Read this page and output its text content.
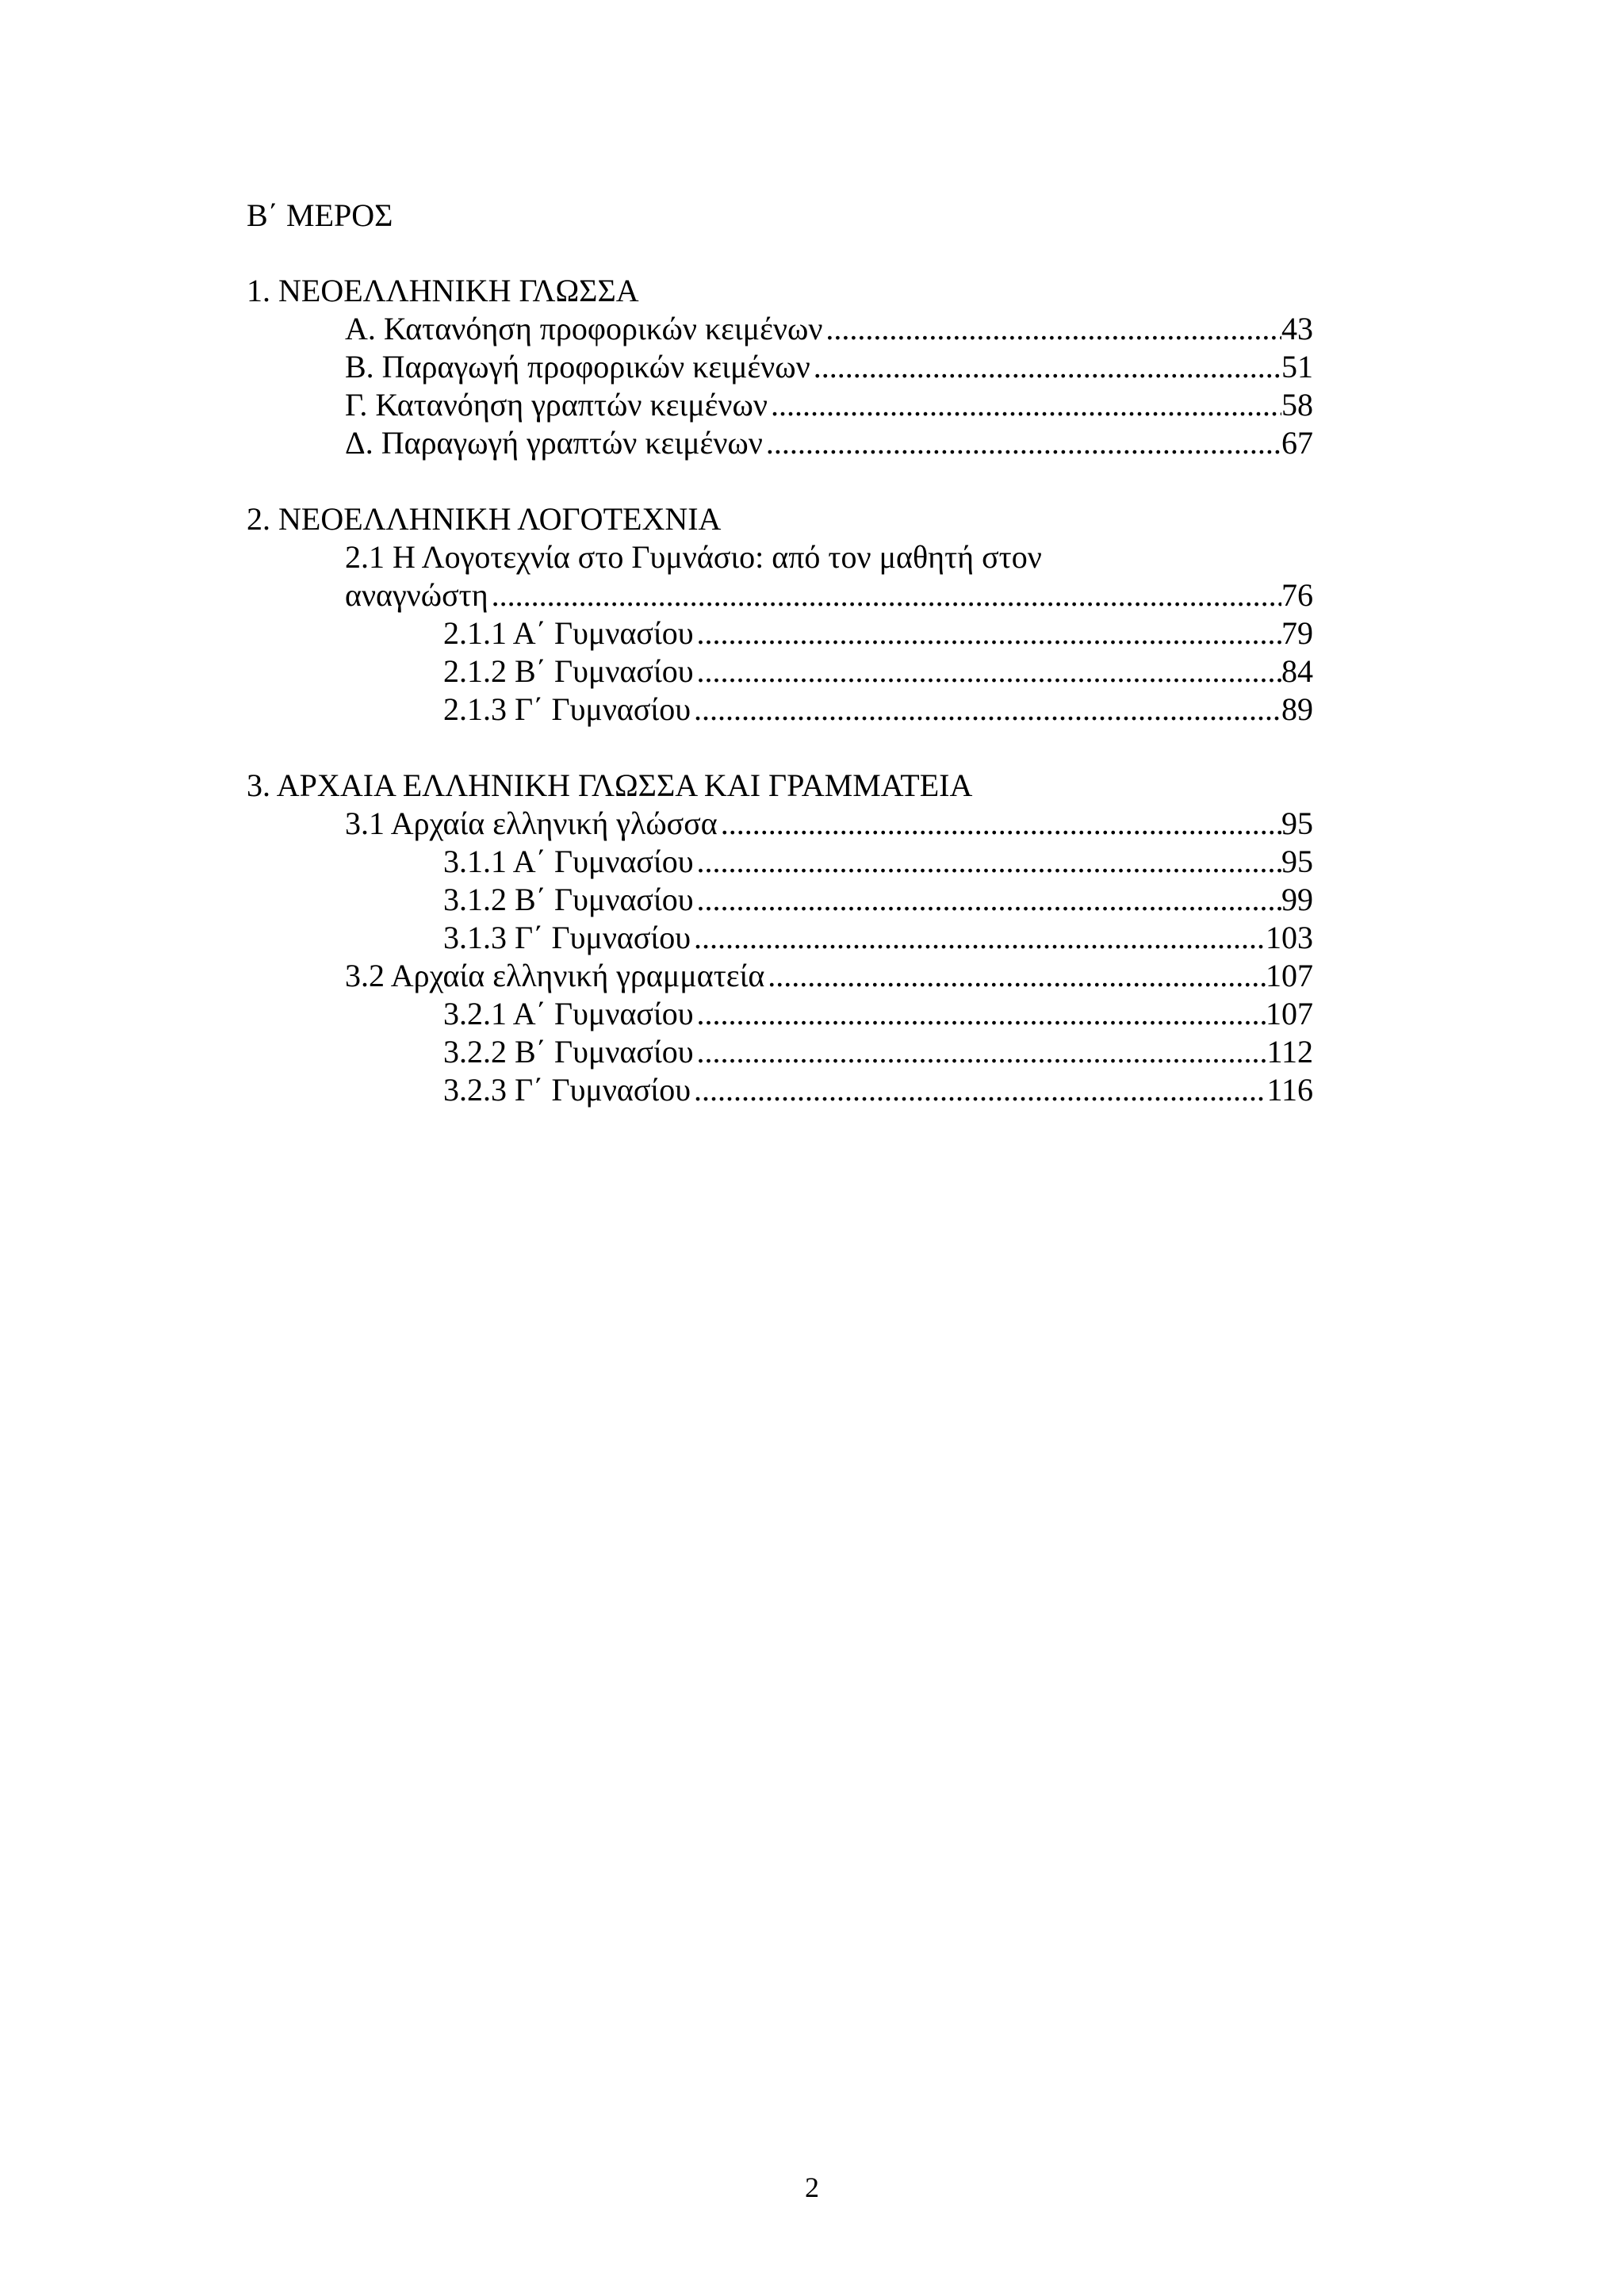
Β΄ ΜΕΡΟΣ
1. ΝΕΟΕΛΛΗΝΙΚΗ ΓΛΩΣΣΑ
Α. Κατανόηση προφορικών κειμένων .....	43
Β. Παραγωγή προφορικών κειμένων .....	51
Γ. Κατανόηση γραπτών κειμένων .....	58
Δ. Παραγωγή γραπτών κειμένων .....	67
2. ΝΕΟΕΛΛΗΝΙΚΗ ΛΟΓΟΤΕΧΝΙΑ
2.1 Η Λογοτεχνία στο Γυμνάσιο: από τον μαθητή στον
αναγνώστη .....	76
2.1.1 Α΄ Γυμνασίου .....	79
2.1.2 Β΄ Γυμνασίου .....	84
2.1.3 Γ΄ Γυμνασίου .....	89
3. ΑΡΧΑΙΑ ΕΛΛΗΝΙΚΗ ΓΛΩΣΣΑ ΚΑΙ ΓΡΑΜΜΑΤΕΙΑ
3.1 Αρχαία ελληνική γλώσσα .....	95
3.1.1 Α΄ Γυμνασίου .....	95
3.1.2 Β΄ Γυμνασίου .....	99
3.1.3 Γ΄ Γυμνασίου .....	103
3.2 Αρχαία ελληνική γραμματεία .....	107
3.2.1 Α΄ Γυμνασίου .....	107
3.2.2 Β΄ Γυμνασίου .....	112
3.2.3 Γ΄ Γυμνασίου .....	116
2
